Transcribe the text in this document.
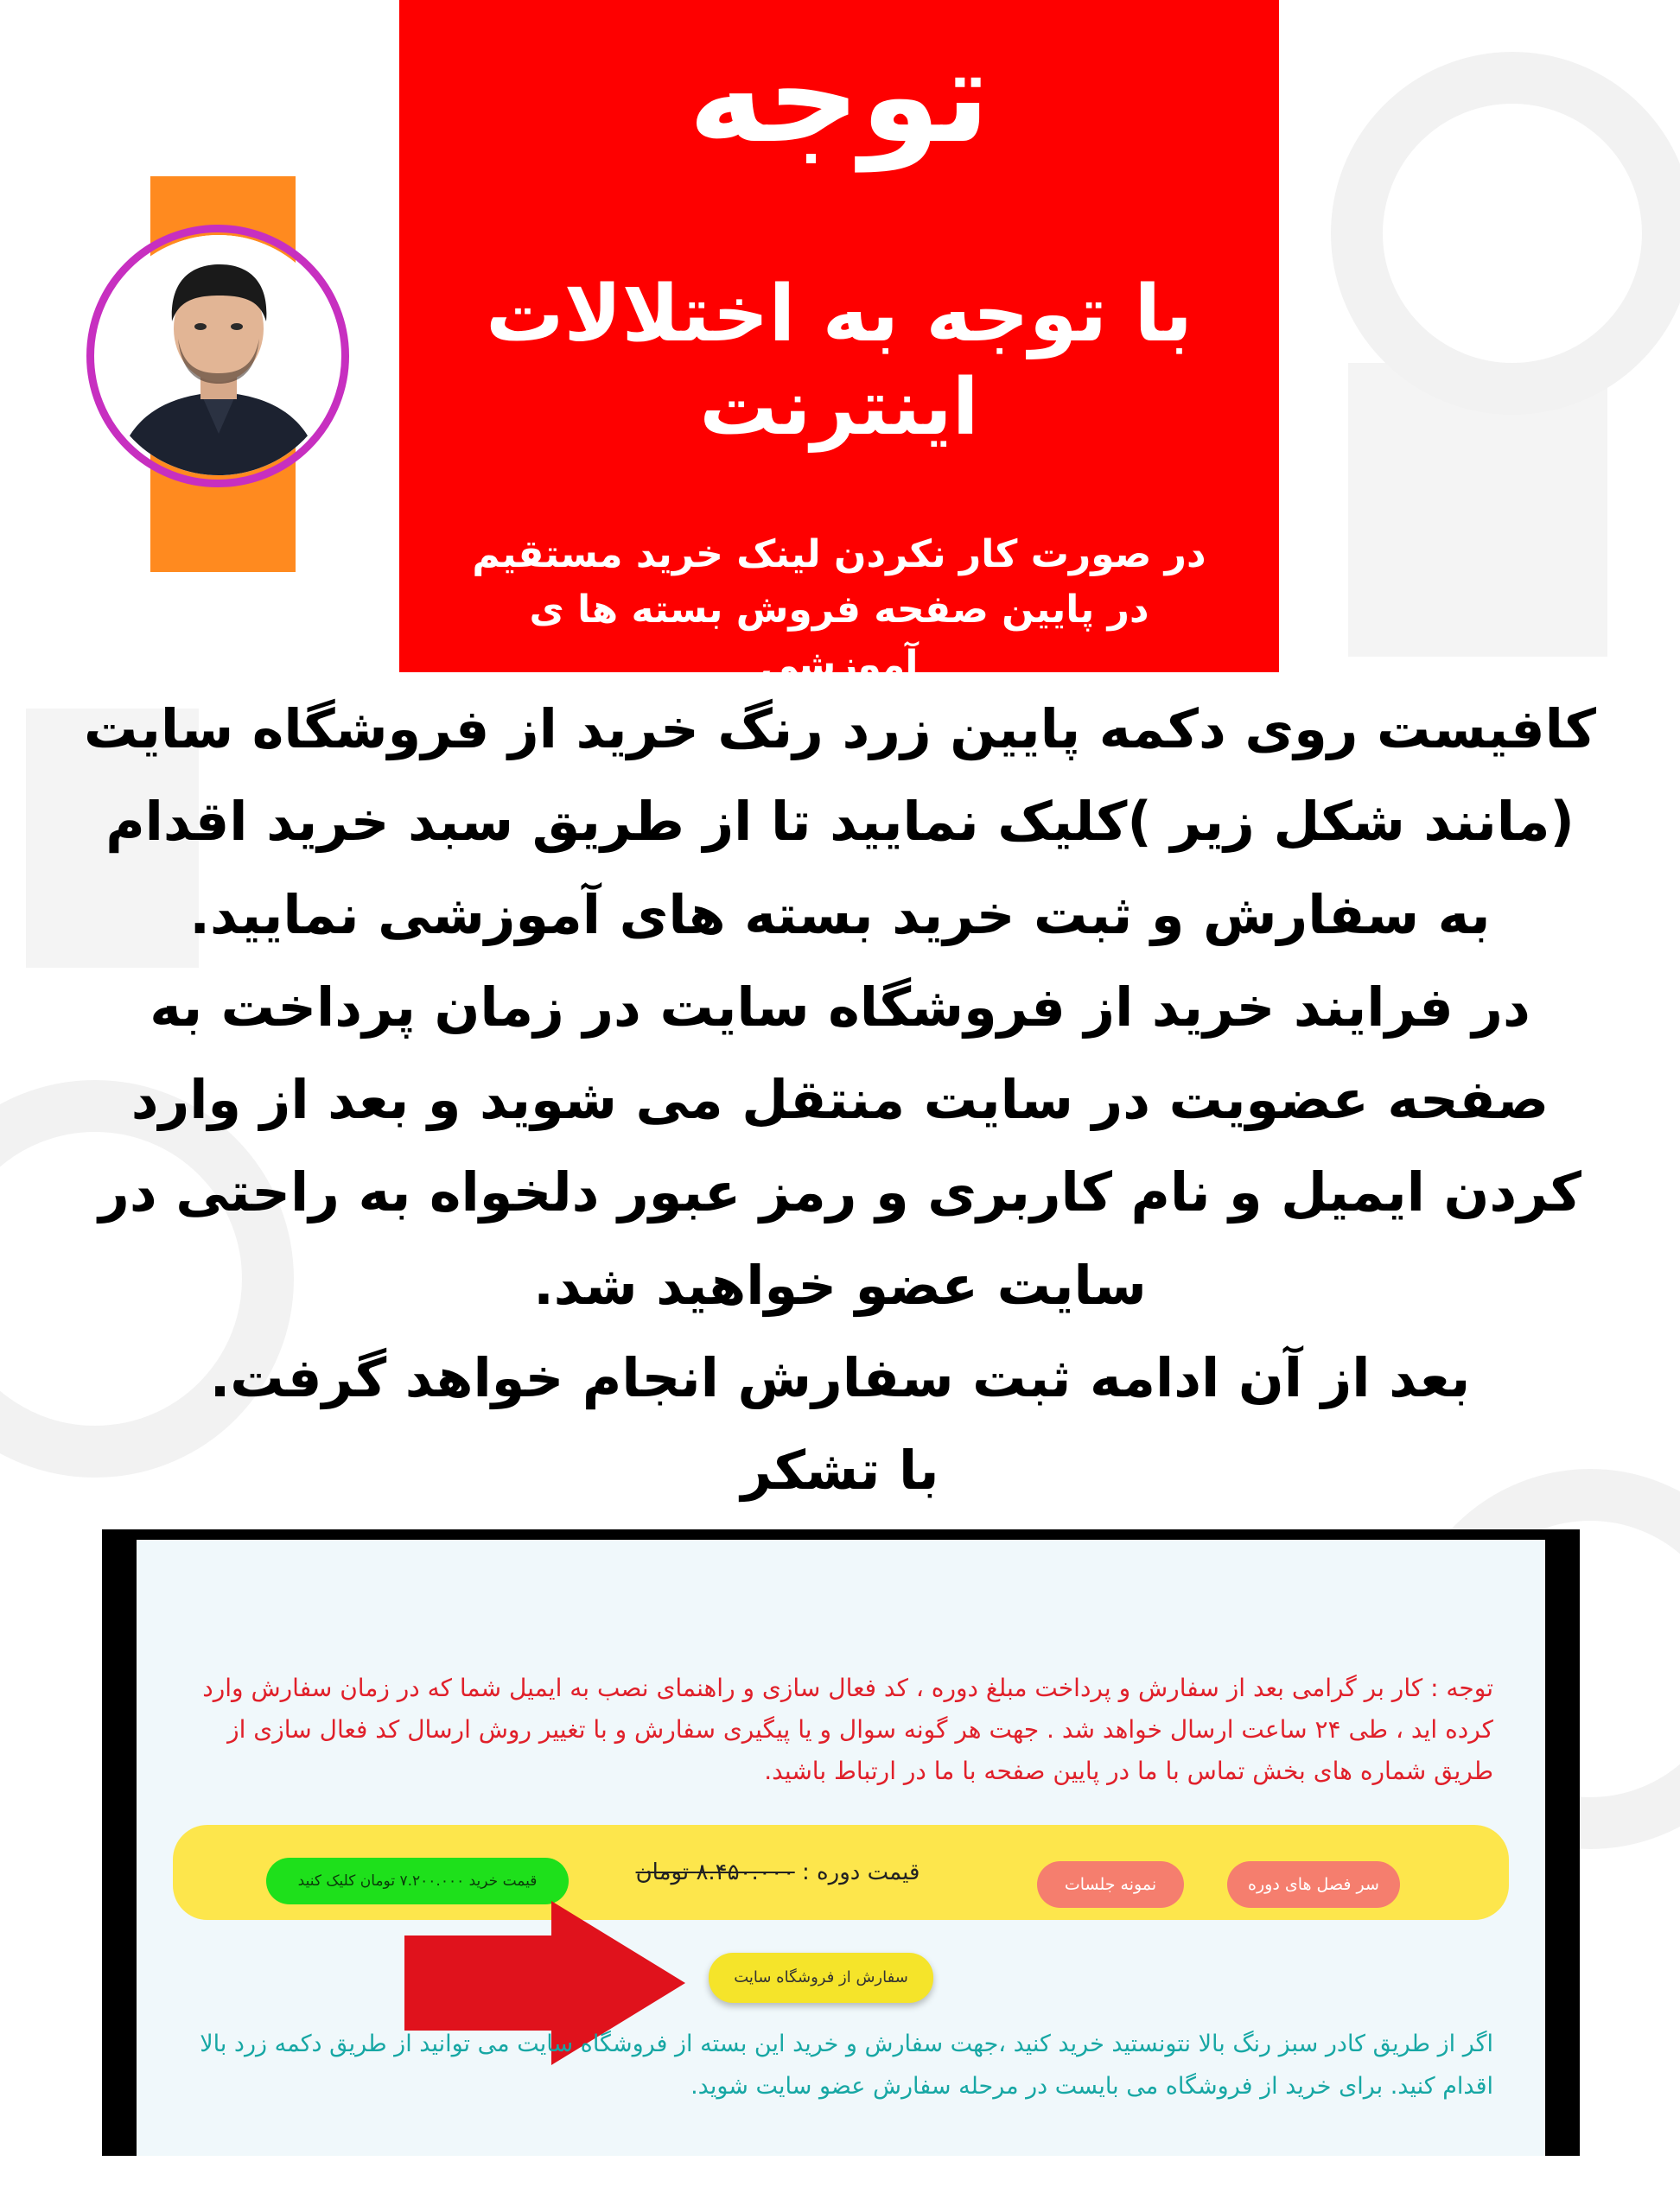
توجه
با توجه به اختلالات اینترنت
در صورت کار نکردن لینک خرید مستقیم در پایین صفحه فروش بسته ها ی آموزشی

کافیست روی دکمه پایین زرد رنگ خرید از فروشگاه سایت (مانند شکل زیر )کلیک نمایید تا از طریق سبد خرید اقدام به سفارش و ثبت خرید بسته های آموزشی نمایید.

در فرایند خرید از فروشگاه سایت در زمان پرداخت به صفحه عضویت در سایت منتقل می شوید و بعد از وارد کردن ایمیل و نام کاربری و رمز عبور دلخواه به راحتی در سایت عضو خواهید شد.

بعد از آن ادامه ثبت سفارش انجام خواهد گرفت.

با تشکر

توجه : کار بر گرامی بعد از سفارش و پرداخت مبلغ دوره ، کد فعال سازی و راهنمای نصب به ایمیل شما که در زمان سفارش وارد کرده اید ، طی ۲۴ ساعت ارسال خواهد شد . جهت هر گونه سوال و یا پیگیری سفارش و با تغییر روش ارسال کد فعال سازی از طریق شماره های بخش تماس با ما در پایین صفحه با ما در ارتباط باشید.

قیمت خرید ۷.۲۰۰.۰۰۰ تومان کلیک کنید	قیمت دوره : ۸.۴۵۰.۰۰۰ تومان	نمونه جلسات	سر فصل های دوره
سفارش از فروشگاه سایت

اگر از طریق کادر سبز رنگ بالا نتونستید خرید کنید ،جهت سفارش و خرید این بسته از فروشگاه سایت می توانید از طریق دکمه زرد بالا اقدام کنید. برای خرید از فروشگاه می بایست در مرحله سفارش عضو سایت شوید.
